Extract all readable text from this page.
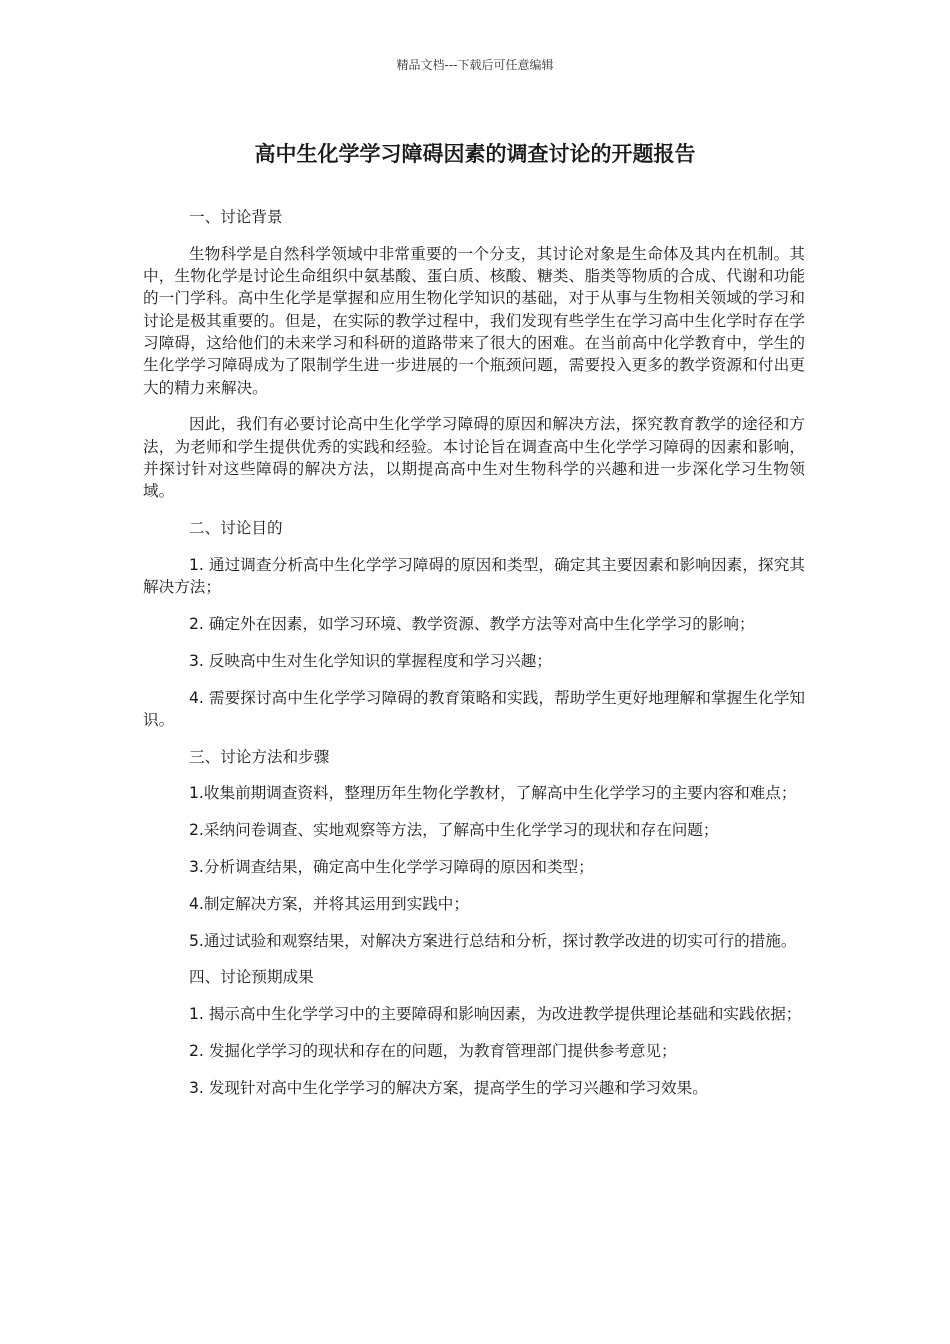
精品文档---下载后可任意编辑
高中生化学学习障碍因素的调查讨论的开题报告

一、讨论背景

生物科学是自然科学领域中非常重要的一个分支，其讨论对象是生命体及其内在机制。其中，生物化学是讨论生命组织中氨基酸、蛋白质、核酸、糖类、脂类等物质的合成、代谢和功能的一门学科。高中生化学是掌握和应用生物化学知识的基础，对于从事与生物相关领域的学习和讨论是极其重要的。但是，在实际的教学过程中，我们发现有些学生在学习高中生化学时存在学习障碍，这给他们的未来学习和科研的道路带来了很大的困难。在当前高中化学教育中，学生的生化学学习障碍成为了限制学生进一步进展的一个瓶颈问题，需要投入更多的教学资源和付出更大的精力来解决。

因此，我们有必要讨论高中生化学学习障碍的原因和解决方法，探究教育教学的途径和方法，为老师和学生提供优秀的实践和经验。本讨论旨在调查高中生化学学习障碍的因素和影响，并探讨针对这些障碍的解决方法，以期提高高中生对生物科学的兴趣和进一步深化学习生物领域。

二、讨论目的

1. 通过调查分析高中生化学学习障碍的原因和类型，确定其主要因素和影响因素，探究其解决方法；

2. 确定外在因素，如学习环境、教学资源、教学方法等对高中生化学学习的影响；

3. 反映高中生对生化学知识的掌握程度和学习兴趣；

4. 需要探讨高中生化学学习障碍的教育策略和实践，帮助学生更好地理解和掌握生化学知识。

三、讨论方法和步骤

1.收集前期调查资料，整理历年生物化学教材，了解高中生化学学习的主要内容和难点；

2.采纳问卷调查、实地观察等方法，了解高中生化学学习的现状和存在问题；

3.分析调查结果，确定高中生化学学习障碍的原因和类型；

4.制定解决方案，并将其运用到实践中；

5.通过试验和观察结果，对解决方案进行总结和分析，探讨教学改进的切实可行的措施。

四、讨论预期成果

1. 揭示高中生化学学习中的主要障碍和影响因素，为改进教学提供理论基础和实践依据；

2. 发掘化学学习的现状和存在的问题，为教育管理部门提供参考意见；

3. 发现针对高中生化学学习的解决方案，提高学生的学习兴趣和学习效果。
